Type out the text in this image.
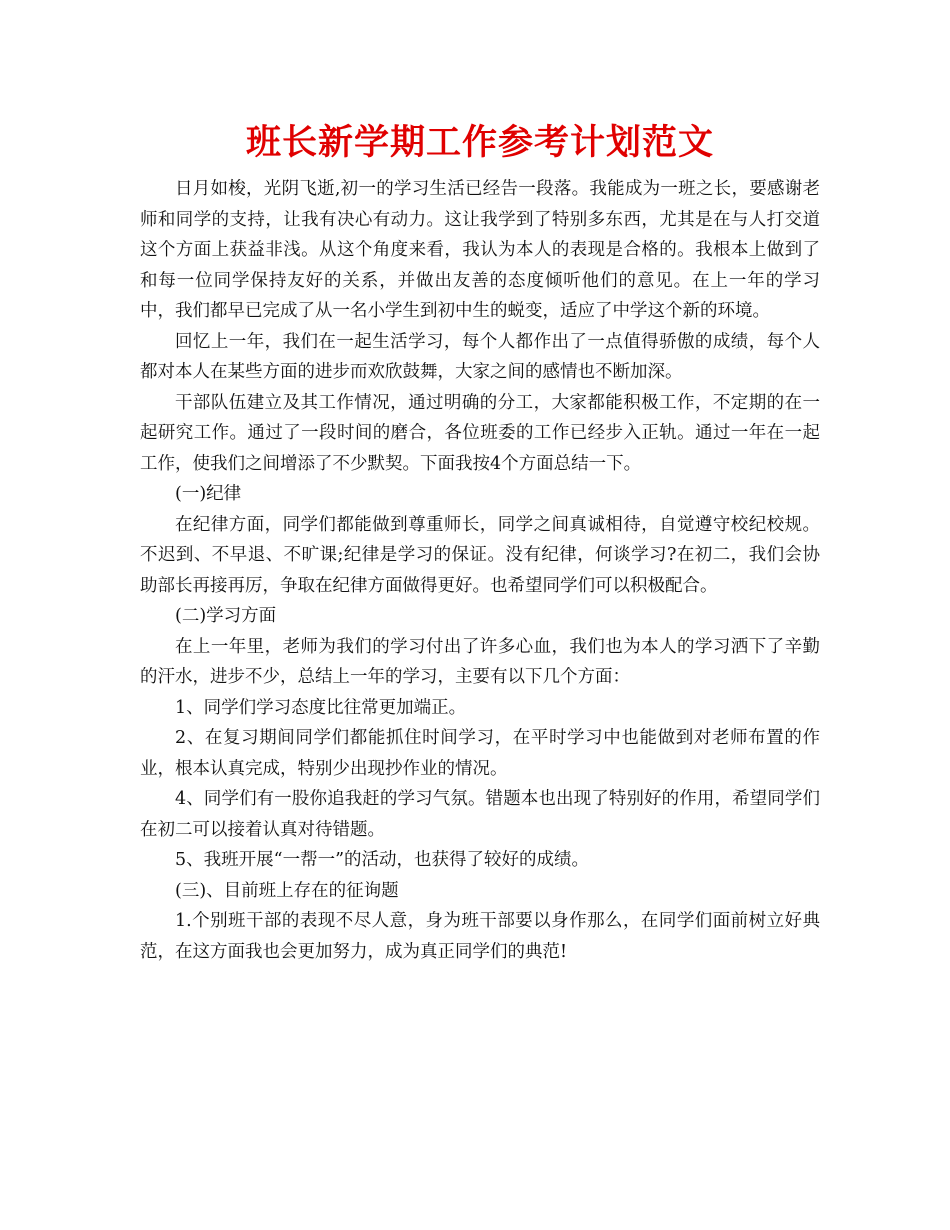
班长新学期工作参考计划范文

日月如梭，光阴飞逝,初一的学习生活已经告一段落。我能成为一班之长，要感谢老师和同学的支持，让我有决心有动力。这让我学到了特别多东西，尤其是在与人打交道这个方面上获益非浅。从这个角度来看，我认为本人的表现是合格的。我根本上做到了和每一位同学保持友好的关系，并做出友善的态度倾听他们的意见。在上一年的学习中，我们都早已完成了从一名小学生到初中生的蜕变，适应了中学这个新的环境。

回忆上一年，我们在一起生活学习，每个人都作出了一点值得骄傲的成绩，每个人都对本人在某些方面的进步而欢欣鼓舞，大家之间的感情也不断加深。

干部队伍建立及其工作情况，通过明确的分工，大家都能积极工作，不定期的在一起研究工作。通过了一段时间的磨合，各位班委的工作已经步入正轨。通过一年在一起工作，使我们之间增添了不少默契。下面我按4个方面总结一下。

(一)纪律

在纪律方面，同学们都能做到尊重师长，同学之间真诚相待，自觉遵守校纪校规。不迟到、不早退、不旷课;纪律是学习的保证。没有纪律，何谈学习?在初二，我们会协助部长再接再厉，争取在纪律方面做得更好。也希望同学们可以积极配合。

(二)学习方面

在上一年里，老师为我们的学习付出了许多心血，我们也为本人的学习洒下了辛勤的汗水，进步不少，总结上一年的学习，主要有以下几个方面：

1、同学们学习态度比往常更加端正。

2、在复习期间同学们都能抓住时间学习，在平时学习中也能做到对老师布置的作业，根本认真完成，特别少出现抄作业的情况。

4、同学们有一股你追我赶的学习气氛。错题本也出现了特别好的作用，希望同学们在初二可以接着认真对待错题。

5、我班开展“一帮一”的活动，也获得了较好的成绩。

(三)、目前班上存在的征询题

1.个别班干部的表现不尽人意，身为班干部要以身作那么，在同学们面前树立好典范，在这方面我也会更加努力，成为真正同学们的典范!
